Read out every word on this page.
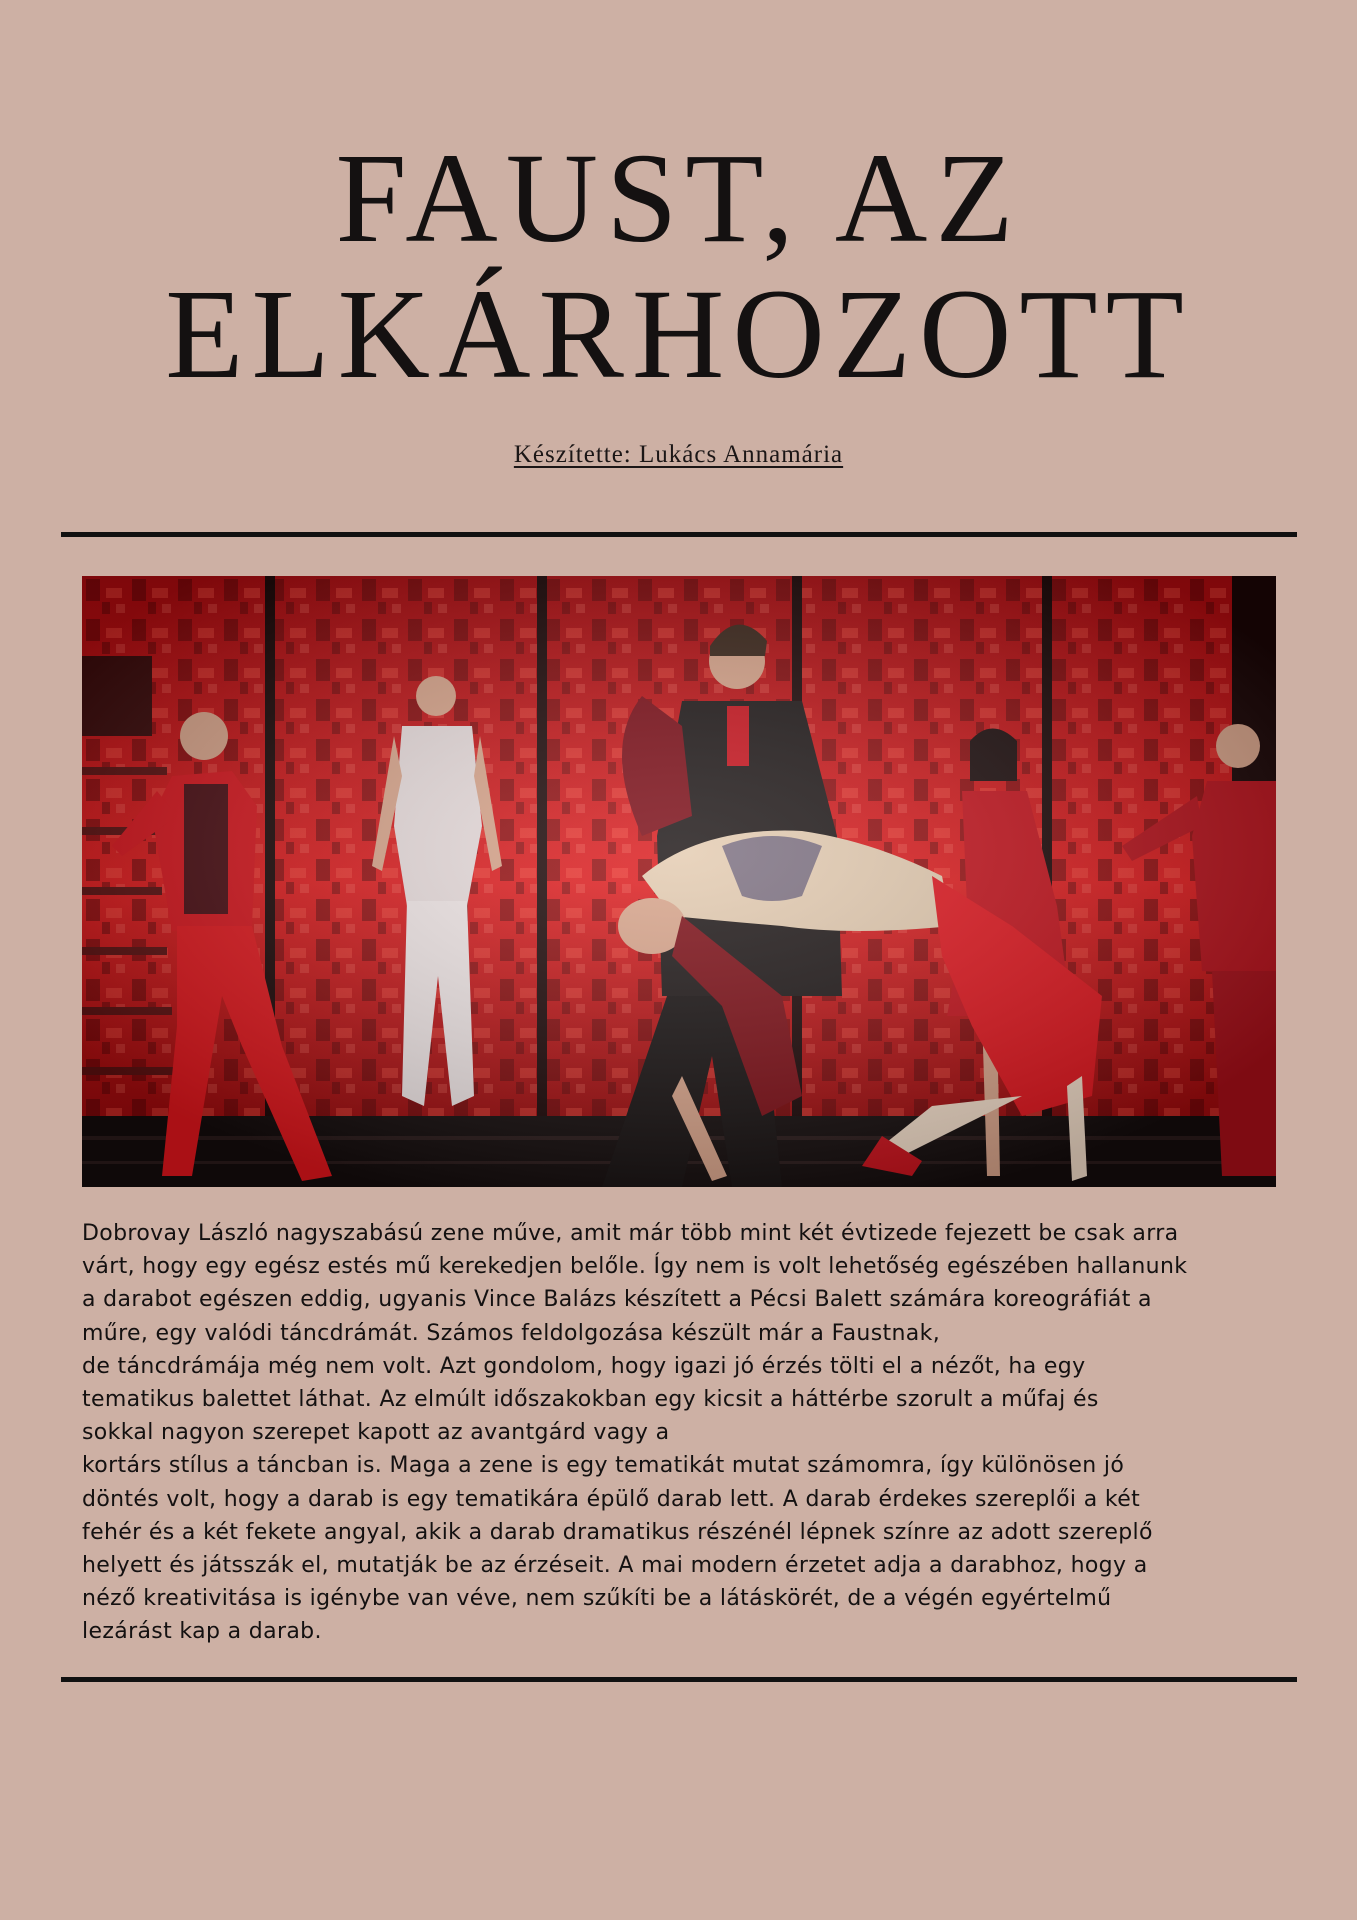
FAUST, AZ
ELKÁRHOZOTT
Készítette: Lukács Annamária
Dobrovay László nagyszabású zene műve, amit már több mint két évtizede fejezett be csak arra
várt, hogy egy egész estés mű kerekedjen belőle. Így nem is volt lehetőség egészében hallanunk
a darabot egészen eddig, ugyanis Vince Balázs készített a Pécsi Balett számára koreográfiát a
műre, egy valódi táncdrámát. Számos feldolgozása készült már a Faustnak,
de táncdrámája még nem volt. Azt gondolom, hogy igazi jó érzés tölti el a nézőt, ha egy
tematikus balettet láthat. Az elmúlt időszakokban egy kicsit a háttérbe szorult a műfaj és
sokkal nagyon szerepet kapott az avantgárd vagy a
kortárs stílus a táncban is. Maga a zene is egy tematikát mutat számomra, így különösen jó
döntés volt, hogy a darab is egy tematikára épülő darab lett. A darab érdekes szereplői a két
fehér és a két fekete angyal, akik a darab dramatikus részénél lépnek színre az adott szereplő
helyett és játsszák el, mutatják be az érzéseit. A mai modern érzetet adja a darabhoz, hogy a
néző kreativitása is igénybe van véve, nem szűkíti be a látáskörét, de a végén egyértelmű
lezárást kap a darab.
